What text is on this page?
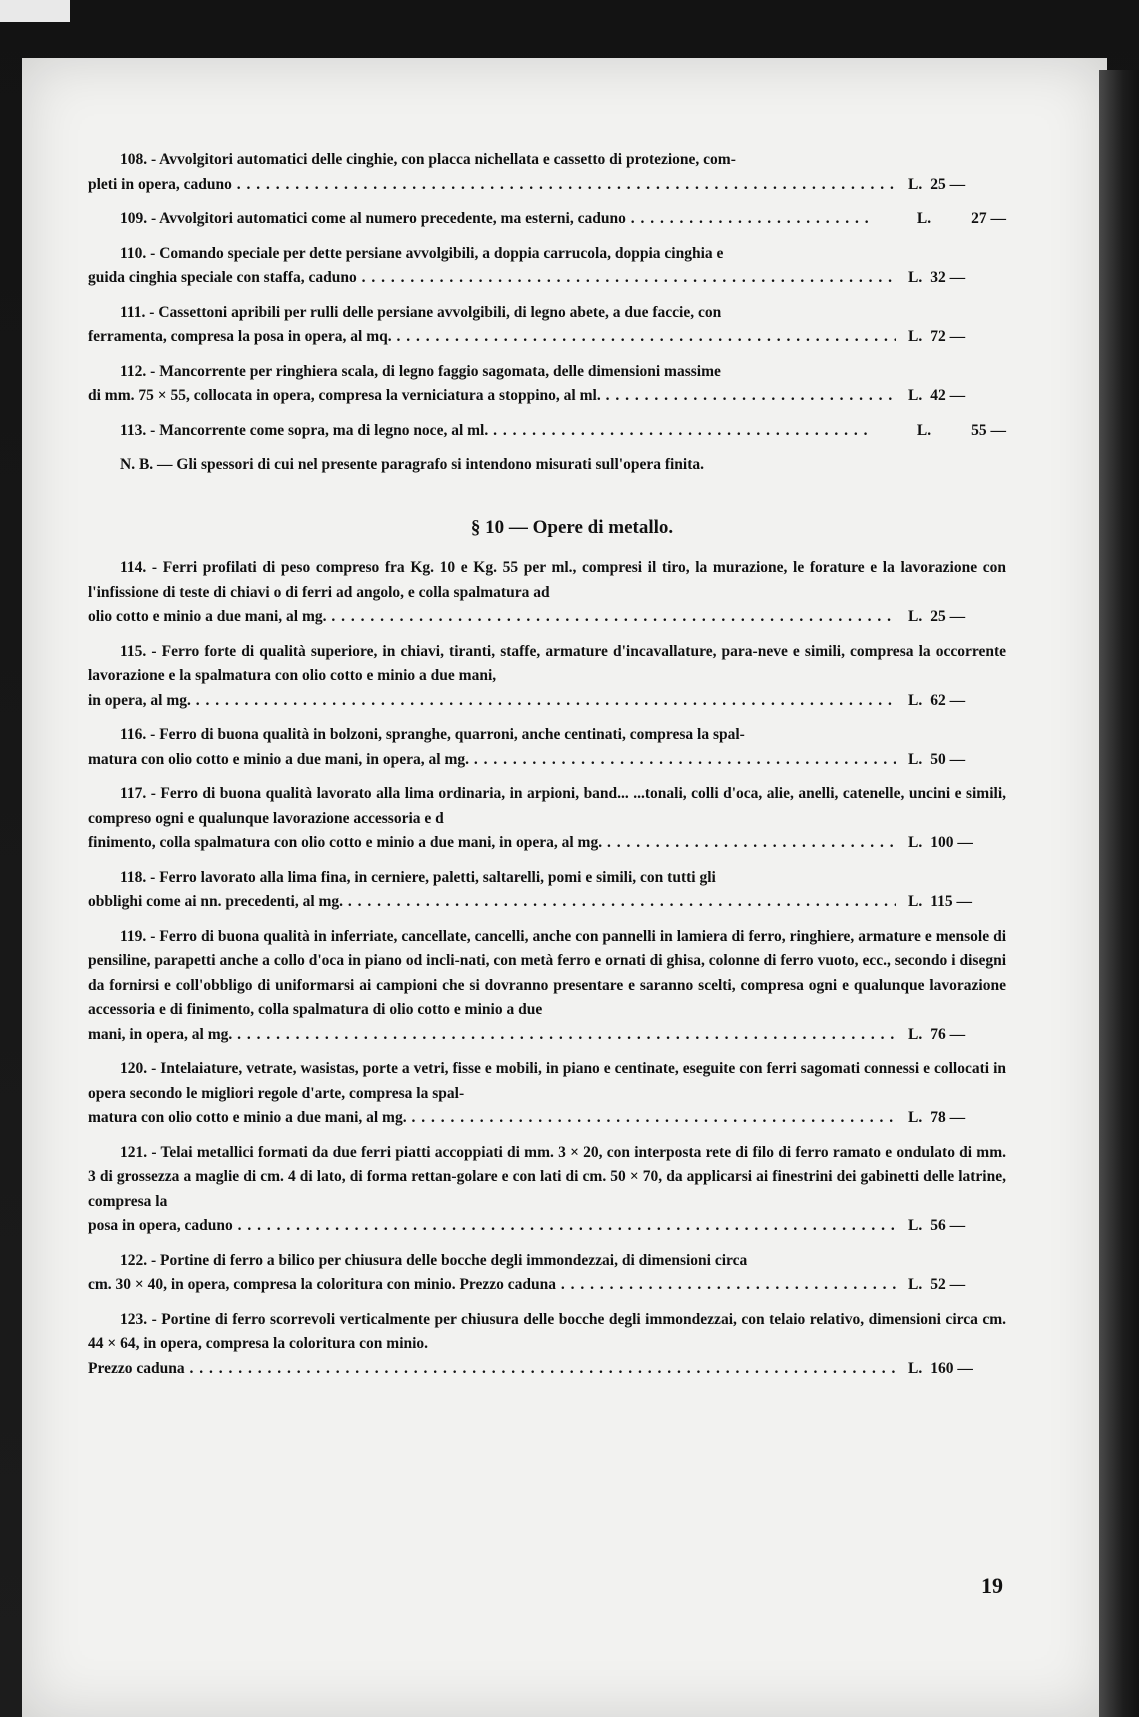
108. - Avvolgitori automatici delle cinghie, con placca nichellata e cassetto di protezione, com-
pleti in opera, caduno . . .	L. 25 —
109. - Avvolgitori automatici come al numero precedente, ma esterni, caduno . . .	L.	27 —
110. - Comando speciale per dette persiane avvolgibili, a doppia carrucola, doppia cinghia e
guida cinghia speciale con staffa, caduno . . .	L. 32 —
111. - Cassettoni apribili per rulli delle persiane avvolgibili, di legno abete, a due faccie, con
ferramenta, compresa la posa in opera, al mq. . . .	L. 72 —
112. - Mancorrente per ringhiera scala, di legno faggio sagomata, delle dimensioni massime
di mm. 75 × 55, collocata in opera, compresa la verniciatura a stoppino, al ml. . . .	L. 42 —
113. - Mancorrente come sopra, ma di legno noce, al ml. . . .	L.	55 —
N. B. — Gli spessori di cui nel presente paragrafo si intendono misurati sull'opera finita.
§ 10 — Opere di metallo.
114. - Ferri profilati di peso compreso fra Kg. 10 e Kg. 55 per ml., compresi il tiro, la murazione, le forature e la lavorazione con l'infissione di teste di chiavi o di ferri ad angolo, e colla spalmatura ad
olio cotto e minio a due mani, al mg. . . .	L. 25 —
115. - Ferro forte di qualità superiore, in chiavi, tiranti, staffe, armature d'incavallature, para-neve e simili, compresa la occorrente lavorazione e la spalmatura con olio cotto e minio a due mani,
in opera, al mg. . . .	L. 62 —
116. - Ferro di buona qualità in bolzoni, spranghe, quarroni, anche centinati, compresa la spal-
matura con olio cotto e minio a due mani, in opera, al mg. . . .	L. 50 —
117. - Ferro di buona qualità lavorato alla lima ordinaria, in arpioni, band... ...tonali, colli d'oca, alie, anelli, catenelle, uncini e simili, compreso ogni e qualunque lavorazione accessoria e d
finimento, colla spalmatura con olio cotto e minio a due mani, in opera, al mg. . . .	L. 100 —
118. - Ferro lavorato alla lima fina, in cerniere, paletti, saltarelli, pomi e simili, con tutti gli
obblighi come ai nn. precedenti, al mg. . . .	L. 115 —
119. - Ferro di buona qualità in inferriate, cancellate, cancelli, anche con pannelli in lamiera di ferro, ringhiere, armature e mensole di pensiline, parapetti anche a collo d'oca in piano od incli-nati, con metà ferro e ornati di ghisa, colonne di ferro vuoto, ecc., secondo i disegni da fornirsi e coll'obbligo di uniformarsi ai campioni che si dovranno presentare e saranno scelti, compresa ogni e qualunque lavorazione accessoria e di finimento, colla spalmatura di olio cotto e minio a due
mani, in opera, al mg. . . .	L. 76 —
120. - Intelaiature, vetrate, wasistas, porte a vetri, fisse e mobili, in piano e centinate, eseguite con ferri sagomati connessi e collocati in opera secondo le migliori regole d'arte, compresa la spal-
matura con olio cotto e minio a due mani, al mg. . . .	L. 78 —
121. - Telai metallici formati da due ferri piatti accoppiati di mm. 3 × 20, con interposta rete di filo di ferro ramato e ondulato di mm. 3 di grossezza a maglie di cm. 4 di lato, di forma rettan-golare e con lati di cm. 50 × 70, da applicarsi ai finestrini dei gabinetti delle latrine, compresa la
posa in opera, caduno . . .	L. 56 —
122. - Portine di ferro a bilico per chiusura delle bocche degli immondezzai, di dimensioni circa
cm. 30 × 40, in opera, compresa la coloritura con minio. Prezzo caduna . . .	L. 52 —
123. - Portine di ferro scorrevoli verticalmente per chiusura delle bocche degli immondezzai, con telaio relativo, dimensioni circa cm. 44 × 64, in opera, compresa la coloritura con minio.
Prezzo caduna . . .	L. 160 —
19
